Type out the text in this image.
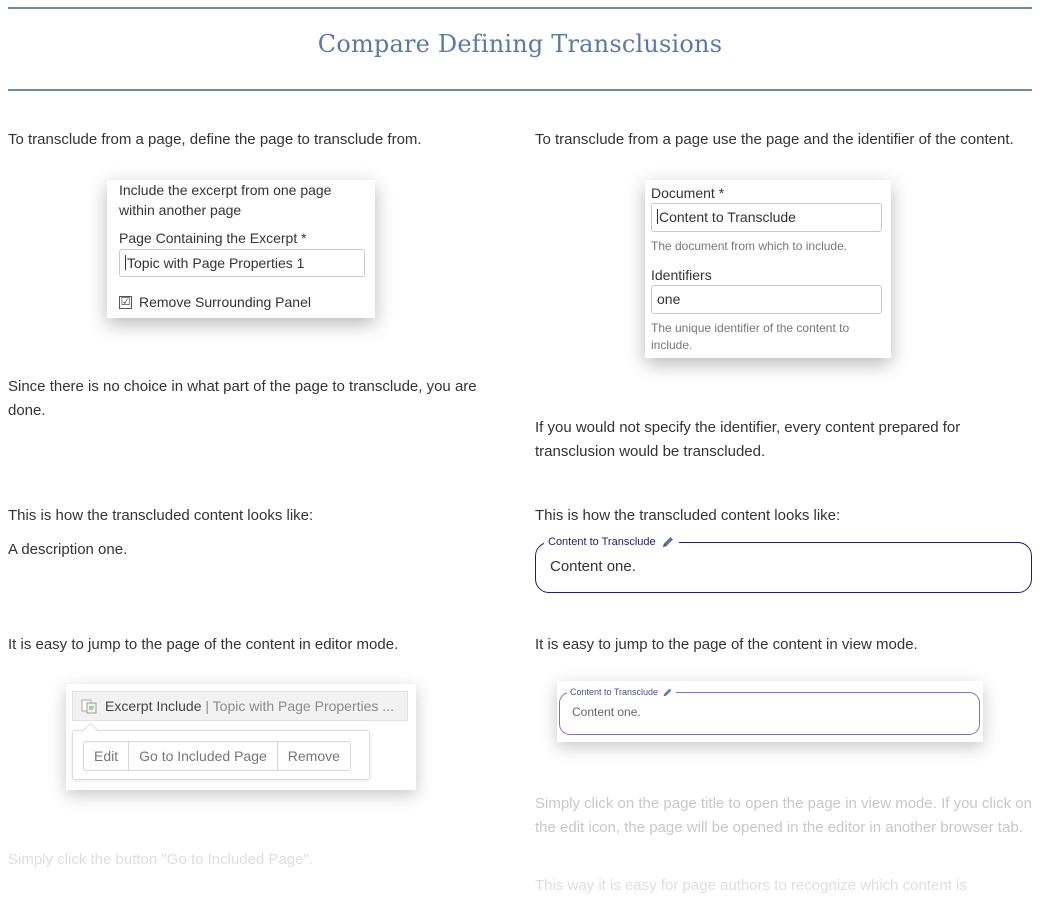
Compare Defining Transclusions
To transclude from a page, define the page to transclude from.
Include the excerpt from one page within another page
Page Containing the Excerpt *
Topic with Page Properties 1
☑ Remove Surrounding Panel
Since there is no choice in what part of the page to transclude, you are done.
This is how the transcluded content looks like:
A description one.
It is easy to jump to the page of the content in editor mode.
Excerpt Include | Topic with Page Properties ...
Edit	Go to Included Page	Remove
Simply click the button "Go to Included Page".
To transclude from a page use the page and the identifier of the content.
Document *
Content to Transclude
The document from which to include.
Identifiers
one
The unique identifier of the content to include.
If you would not specify the identifier, every content prepared for transclusion would be transcluded.
This is how the transcluded content looks like:
Content to Transclude
Content one.
It is easy to jump to the page of the content in view mode.
Content to Transclude
Content one.
Simply click on the page title to open the page in view mode. If you click on the edit icon, the page will be opened in the editor in another browser tab.
This way it is easy for page authors to recognize which content is
